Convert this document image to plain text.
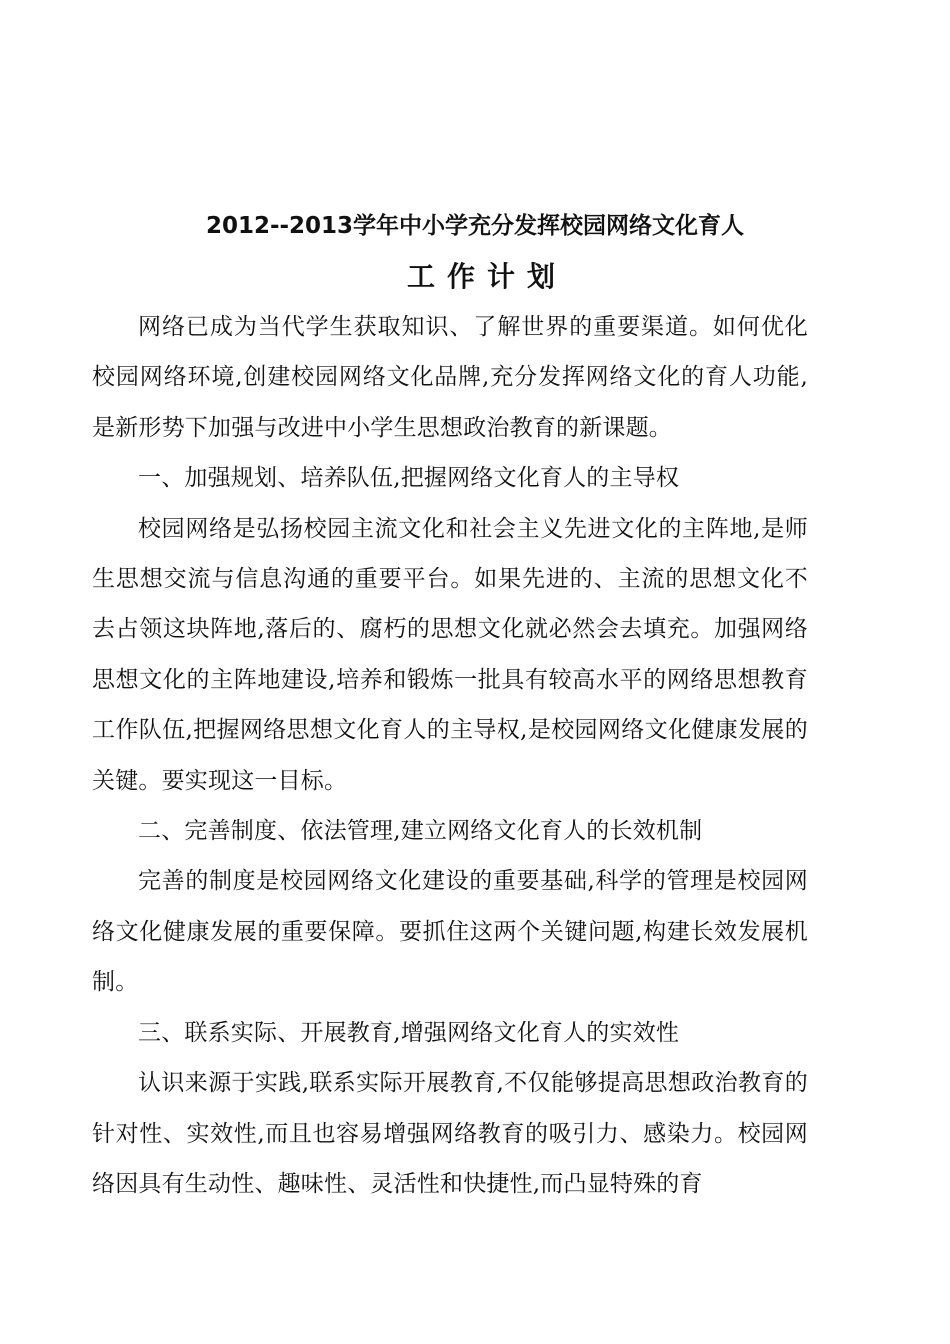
2012--2013学年中小学充分发挥校园网络文化育人
工作计划

网络已成为当代学生获取知识、了解世界的重要渠道。如何优化校园网络环境,创建校园网络文化品牌,充分发挥网络文化的育人功能,是新形势下加强与改进中小学生思想政治教育的新课题。

一、加强规划、培养队伍,把握网络文化育人的主导权

校园网络是弘扬校园主流文化和社会主义先进文化的主阵地,是师生思想交流与信息沟通的重要平台。如果先进的、主流的思想文化不去占领这块阵地,落后的、腐朽的思想文化就必然会去填充。加强网络思想文化的主阵地建设,培养和锻炼一批具有较高水平的网络思想教育工作队伍,把握网络思想文化育人的主导权,是校园网络文化健康发展的关键。要实现这一目标。

二、完善制度、依法管理,建立网络文化育人的长效机制

完善的制度是校园网络文化建设的重要基础,科学的管理是校园网络文化健康发展的重要保障。要抓住这两个关键问题,构建长效发展机制。

三、联系实际、开展教育,增强网络文化育人的实效性

认识来源于实践,联系实际开展教育,不仅能够提高思想政治教育的针对性、实效性,而且也容易增强网络教育的吸引力、感染力。校园网络因具有生动性、趣味性、灵活性和快捷性,而凸显特殊的育
